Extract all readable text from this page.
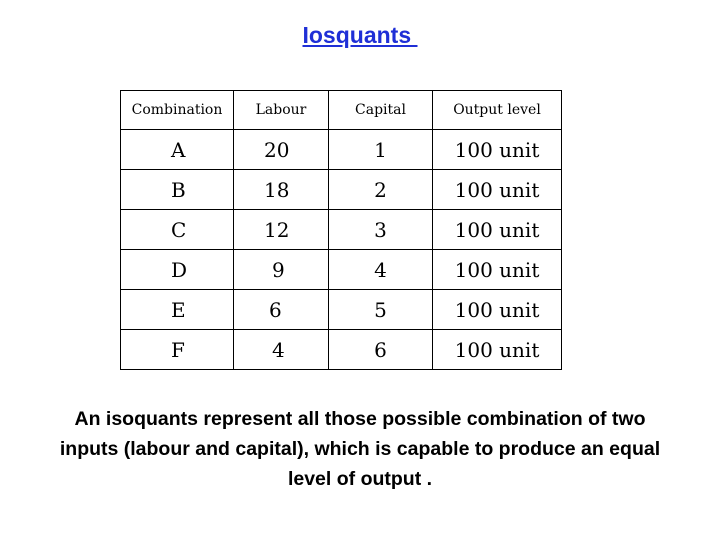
Iosquants
Combination	Labour	Capital	Output level
A	20	1	100 unit
B	18	2	100 unit
C	12	3	100 unit
D	9	4	100 unit
E	6	5	100 unit
F	4	6	100 unit
An isoquants represent all those possible combination of two
inputs (labour and capital), which is capable to produce an equal
level of output .
